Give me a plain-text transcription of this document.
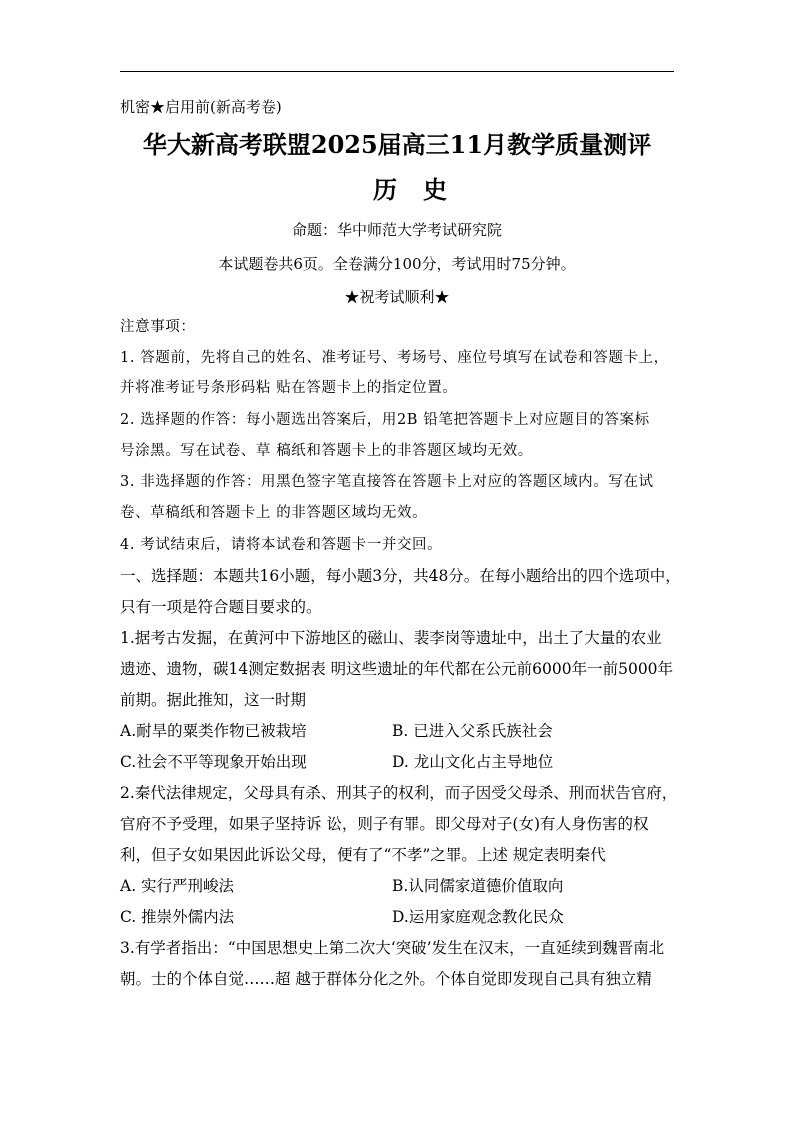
机密★启用前(新高考卷)
华大新高考联盟2025届高三11月教学质量测评
历史
命题：华中师范大学考试研究院
本试题卷共6页。全卷满分100分，考试用时75分钟。
★祝考试顺利★
注意事项：
1. 答题前，先将自己的姓名、准考证号、考场号、座位号填写在试卷和答题卡上，
并将准考证号条形码粘 贴在答题卡上的指定位置。
2. 选择题的作答：每小题选出答案后，用2B 铅笔把答题卡上对应题目的答案标
号涂黑。写在试卷、草 稿纸和答题卡上的非答题区域均无效。
3. 非选择题的作答：用黑色签字笔直接答在答题卡上对应的答题区域内。写在试
卷、草稿纸和答题卡上 的非答题区域均无效。
4. 考试结束后，请将本试卷和答题卡一并交回。
一、选择题：本题共16小题，每小题3分，共48分。在每小题给出的四个选项中，
只有一项是符合题目要求的。
1.据考古发掘，在黄河中下游地区的磁山、裴李岗等遗址中，出土了大量的农业
遗迹、遗物，碳14测定数据表 明这些遗址的年代都在公元前6000年一前5000年
前期。据此推知，这一时期
A.耐旱的粟类作物已被栽培	B. 已进入父系氏族社会
C.社会不平等现象开始出现	D. 龙山文化占主导地位
2.秦代法律规定，父母具有杀、刑其子的权利，而子因受父母杀、刑而状告官府，
官府不予受理，如果子坚持诉 讼，则子有罪。即父母对子(女)有人身伤害的权
利，但子女如果因此诉讼父母，便有了“不孝”之罪。上述 规定表明秦代
A. 实行严刑峻法	B.认同儒家道德价值取向
C. 推崇外儒内法	D.运用家庭观念教化民众
3.有学者指出：“中国思想史上第二次大‘突破’发生在汉末，一直延续到魏晋南北
朝。士的个体自觉……超 越于群体分化之外。个体自觉即发现自己具有独立精
